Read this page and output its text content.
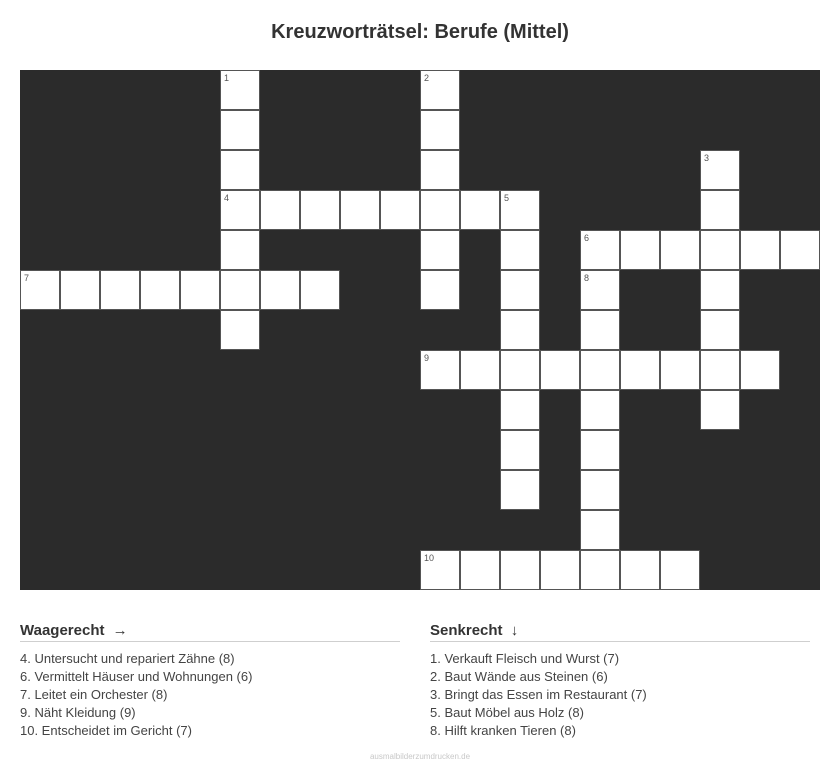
Kreuzworträtsel: Berufe (Mittel)
1
4
2
3
5
6
7	8
9
10
Waagerecht →
4. Untersucht und repariert Zähne (8)
6. Vermittelt Häuser und Wohnungen (6)
7. Leitet ein Orchester (8)
9. Näht Kleidung (9)
10. Entscheidet im Gericht (7)
Senkrecht ↓
1. Verkauft Fleisch und Wurst (7)
2. Baut Wände aus Steinen (6)
3. Bringt das Essen im Restaurant (7)
5. Baut Möbel aus Holz (8)
8. Hilft kranken Tieren (8)
ausmalbilderzumdrucken.de
